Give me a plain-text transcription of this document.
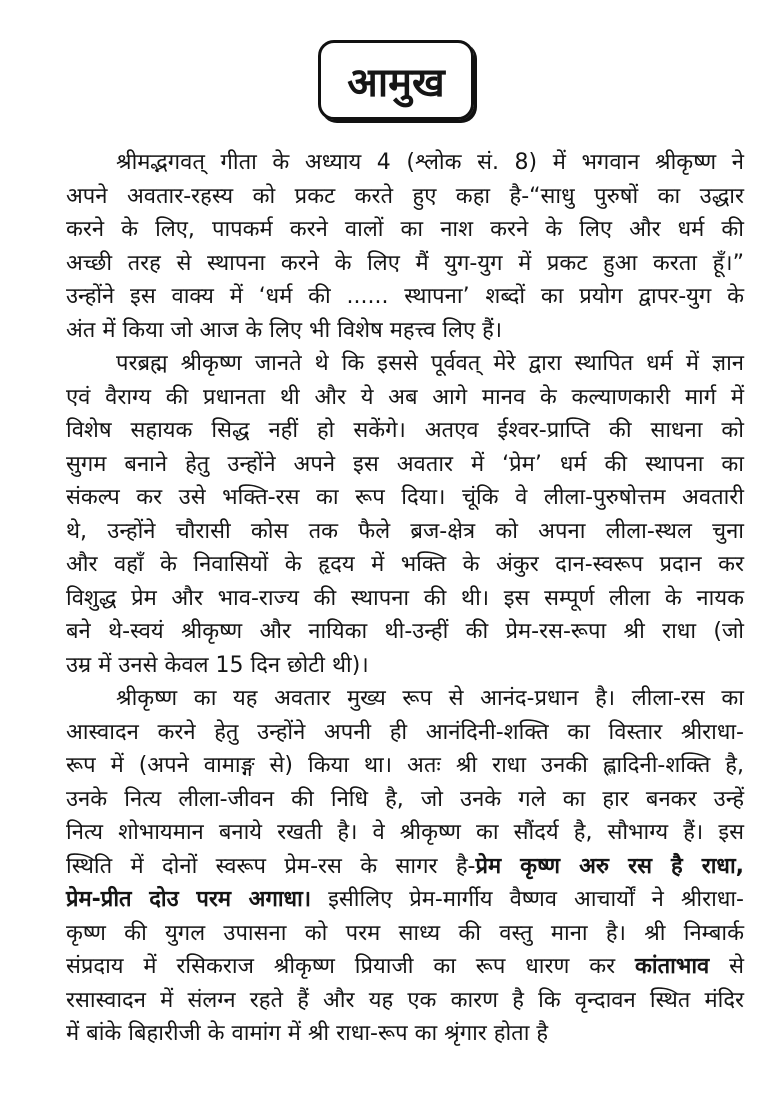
आमुख
श्रीमद्भगवत् गीता के अध्याय 4 (श्लोक सं. 8) में भगवान श्रीकृष्ण ने
अपने अवतार-रहस्य को प्रकट करते हुए कहा है-“साधु पुरुषों का उद्धार
करने के लिए, पापकर्म करने वालों का नाश करने के लिए और धर्म की
अच्छी तरह से स्थापना करने के लिए मैं युग-युग में प्रकट हुआ करता हूँ।”
उन्होंने इस वाक्य में ‘धर्म की ...... स्थापना’ शब्दों का प्रयोग द्वापर-युग के
अंत में किया जो आज के लिए भी विशेष महत्त्व लिए हैं।
परब्रह्म श्रीकृष्ण जानते थे कि इससे पूर्ववत् मेरे द्वारा स्थापित धर्म में ज्ञान
एवं वैराग्य की प्रधानता थी और ये अब आगे मानव के कल्याणकारी मार्ग में
विशेष सहायक सिद्ध नहीं हो सकेंगे। अतएव ईश्वर-प्राप्ति की साधना को
सुगम बनाने हेतु उन्होंने अपने इस अवतार में ‘प्रेम’ धर्म की स्थापना का
संकल्प कर उसे भक्ति-रस का रूप दिया। चूंकि वे लीला-पुरुषोत्तम अवतारी
थे, उन्होंने चौरासी कोस तक फैले ब्रज-क्षेत्र को अपना लीला-स्थल चुना
और वहाँ के निवासियों के हृदय में भक्ति के अंकुर दान-स्वरूप प्रदान कर
विशुद्ध प्रेम और भाव-राज्य की स्थापना की थी। इस सम्पूर्ण लीला के नायक
बने थे-स्वयं श्रीकृष्ण और नायिका थी-उन्हीं की प्रेम-रस-रूपा श्री राधा (जो
उम्र में उनसे केवल 15 दिन छोटी थी)।
श्रीकृष्ण का यह अवतार मुख्य रूप से आनंद-प्रधान है। लीला-रस का
आस्वादन करने हेतु उन्होंने अपनी ही आनंदिनी-शक्ति का विस्तार श्रीराधा-
रूप में (अपने वामाङ्ग से) किया था। अतः श्री राधा उनकी ह्लादिनी-शक्ति है,
उनके नित्य लीला-जीवन की निधि है, जो उनके गले का हार बनकर उन्हें
नित्य शोभायमान बनाये रखती है। वे श्रीकृष्ण का सौंदर्य है, सौभाग्य हैं। इस
स्थिति में दोनों स्वरूप प्रेम-रस के सागर है-प्रेम कृष्ण अरु रस है राधा,
प्रेम-प्रीत दोउ परम अगाधा। इसीलिए प्रेम-मार्गीय वैष्णव आचार्यों ने श्रीराधा-
कृष्ण की युगल उपासना को परम साध्य की वस्तु माना है। श्री निम्बार्क
संप्रदाय में रसिकराज श्रीकृष्ण प्रियाजी का रूप धारण कर कांताभाव से
रसास्वादन में संलग्न रहते हैं और यह एक कारण है कि वृन्दावन स्थित मंदिर
में बांके बिहारीजी के वामांग में श्री राधा-रूप का श्रृंगार होता है
